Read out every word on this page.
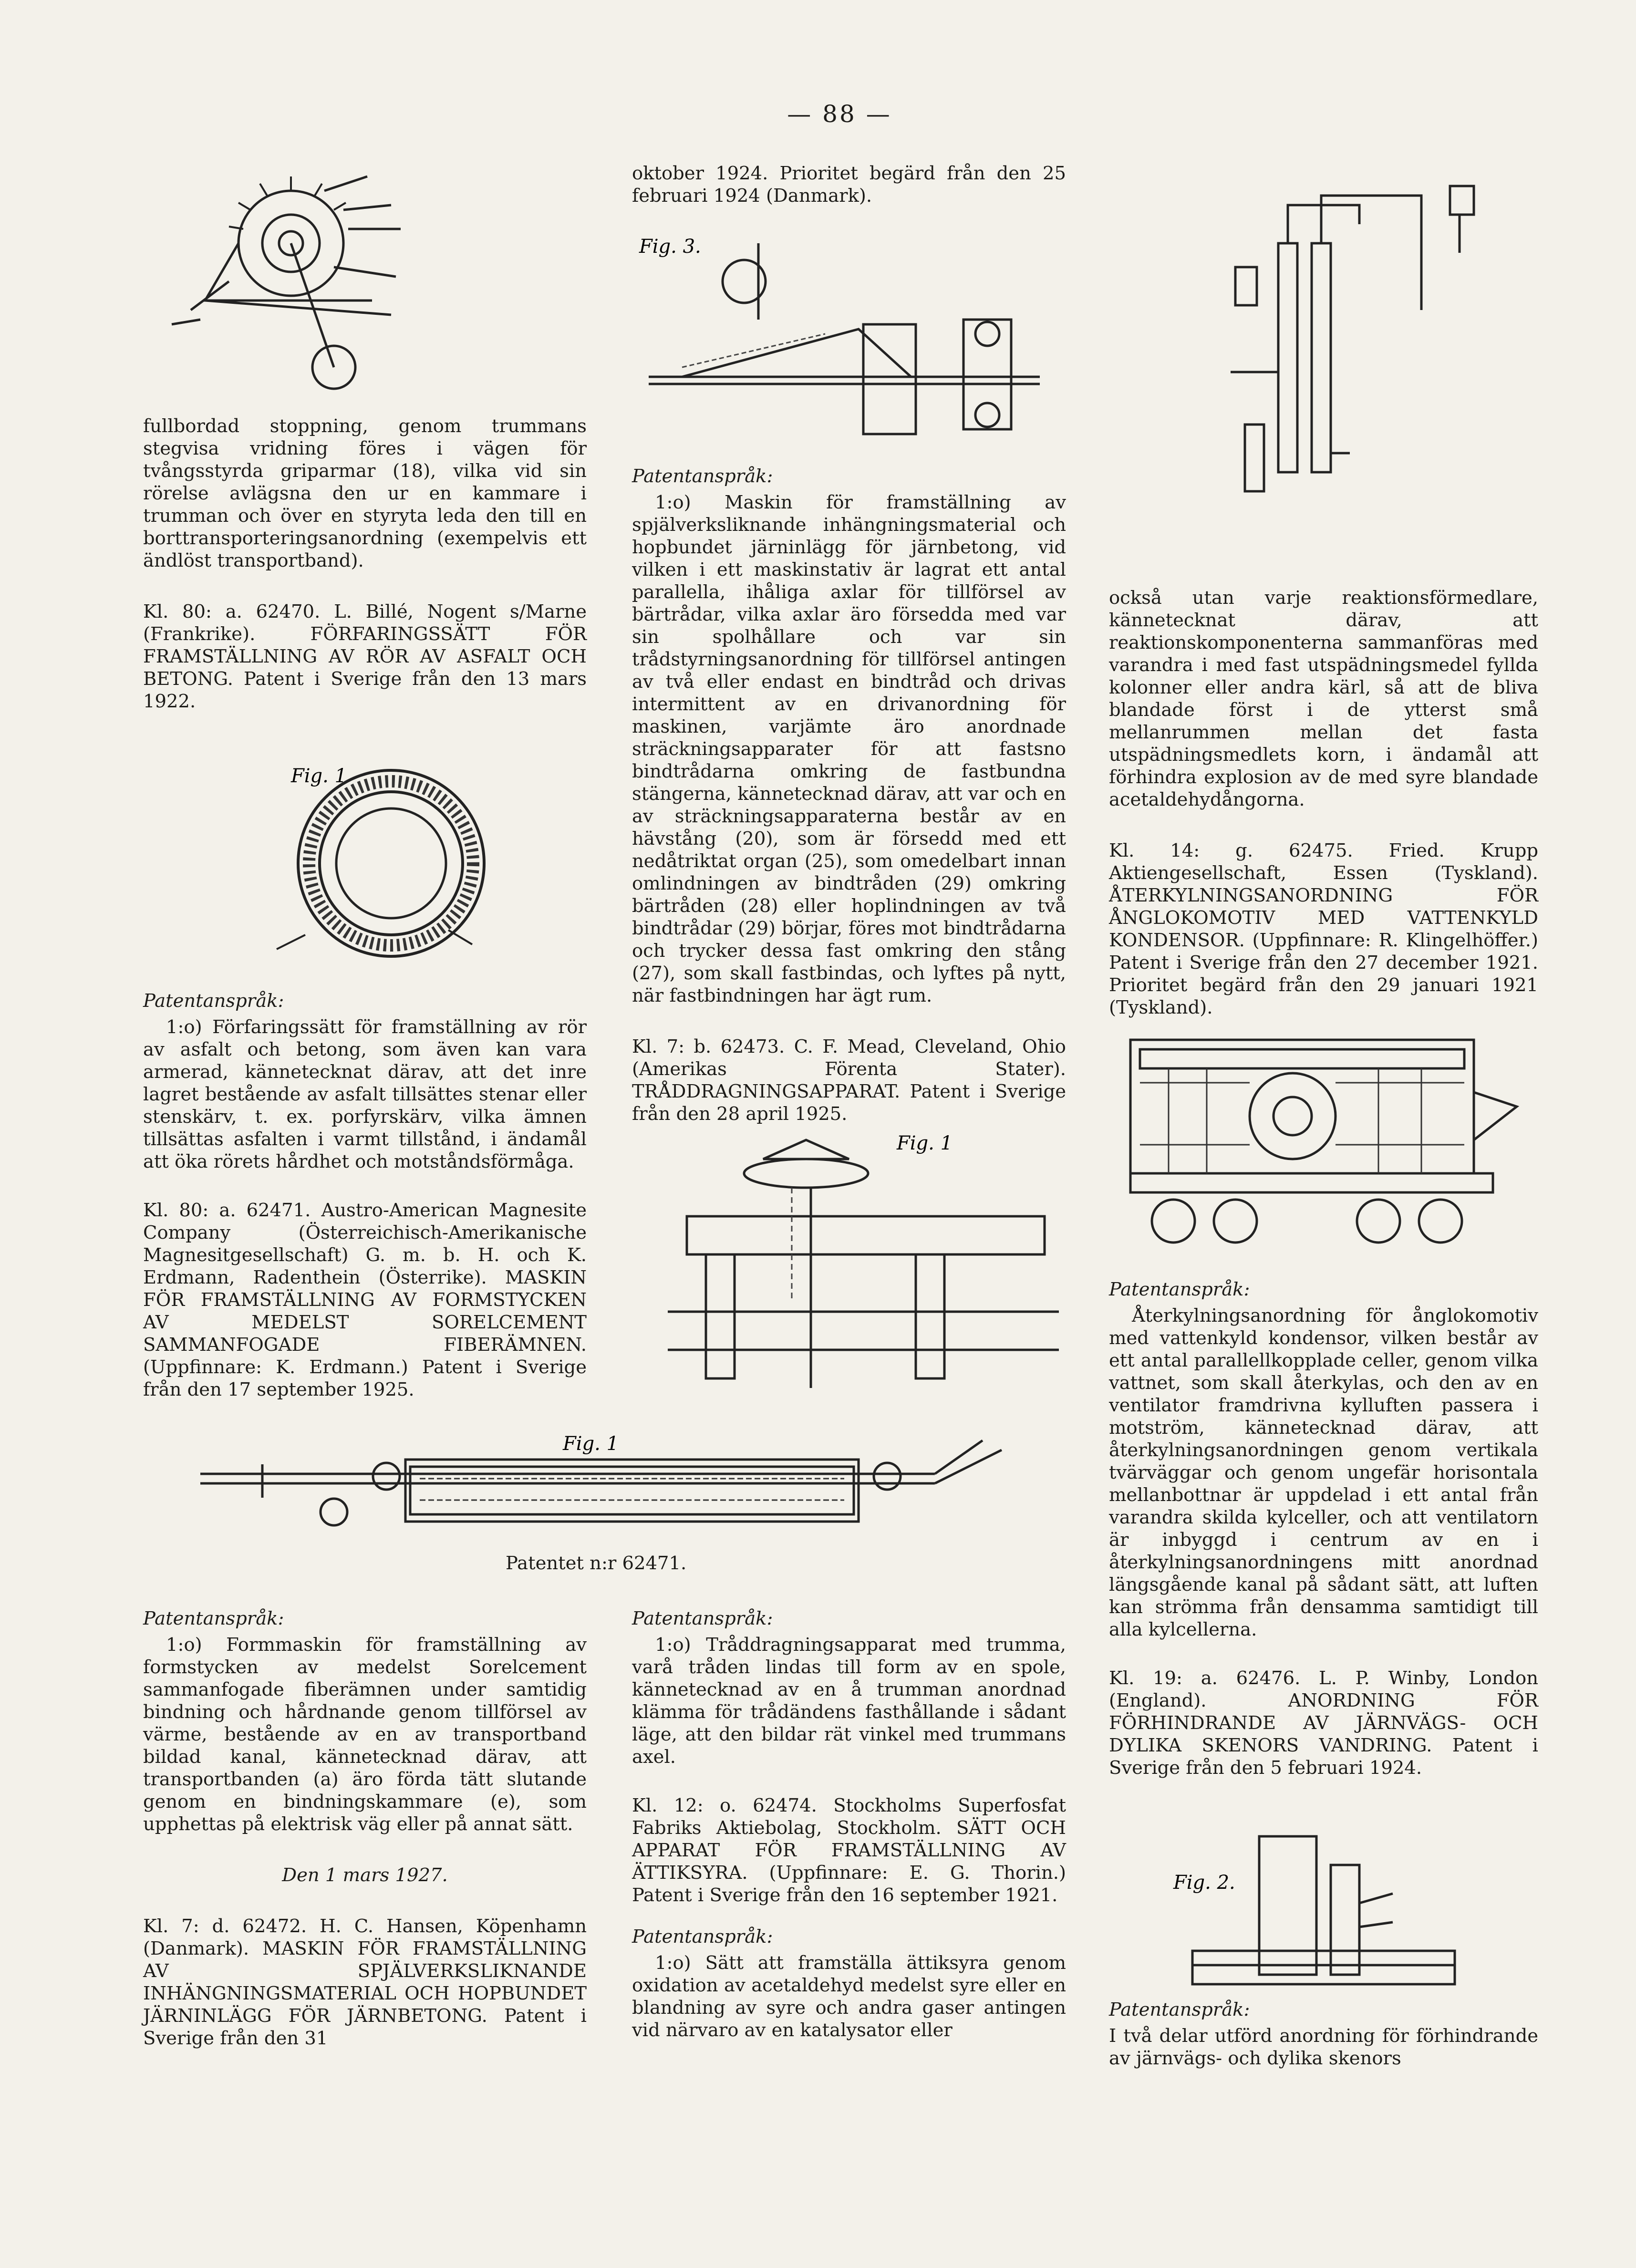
— 88 —

fullbordad stoppning, genom trummans stegvisa vridning föres i vägen för tvångsstyrda griparmar (18), vilka vid sin rörelse avlägsna den ur en kammare i trumman och över en styryta leda den till en borttransporteringsanordning (exempelvis ett ändlöst transportband).

Kl. 80: a. 62470. L. Billé, Nogent s/Marne (Frankrike). FÖRFARINGSSÄTT FÖR FRAMSTÄLLNING AV RÖR AV ASFALT OCH BETONG. Patent i Sverige från den 13 mars 1922.

Fig. 1

Patentanspråk:

1:o) Förfaringssätt för framställning av rör av asfalt och betong, som även kan vara armerad, kännetecknat därav, att det inre lagret bestående av asfalt tillsättes stenar eller stenskärv, t. ex. porfyrskärv, vilka ämnen tillsättas asfalten i varmt tillstånd, i ändamål att öka rörets hårdhet och motståndsförmåga.

Kl. 80: a. 62471. Austro-American Magnesite Company (Österreichisch-Amerikanische Magnesitgesellschaft) G. m. b. H. och K. Erdmann, Radenthein (Österrike). MASKIN FÖR FRAMSTÄLLNING AV FORMSTYCKEN AV MEDELST SORELCEMENT SAMMANFOGADE FIBERÄMNEN. (Uppfinnare: K. Erdmann.) Patent i Sverige från den 17 september 1925.

Fig. 1
Patentet n:r 62471.

Patentanspråk:

1:o) Formmaskin för framställning av formstycken av medelst Sorelcement sammanfogade fiberämnen under samtidig bindning och hårdnande genom tillförsel av värme, bestående av en av transportband bildad kanal, kännetecknad därav, att transportbanden (a) äro förda tätt slutande genom en bindningskammare (e), som upphettas på elektrisk väg eller på annat sätt.

Den 1 mars 1927.

Kl. 7: d. 62472. H. C. Hansen, Köpenhamn (Danmark). MASKIN FÖR FRAMSTÄLLNING AV SPJÄLVERKSLIKNANDE INHÄNGNINGSMATERIAL OCH HOPBUNDET JÄRNINLÄGG FÖR JÄRNBETONG. Patent i Sverige från den 31

oktober 1924. Prioritet begärd från den 25 februari 1924 (Danmark).

Fig. 3.

Patentanspråk:

1:o) Maskin för framställning av spjälverksliknande inhängningsmaterial och hopbundet järninlägg för järnbetong, vid vilken i ett maskinstativ är lagrat ett antal parallella, ihåliga axlar för tillförsel av bärtrådar, vilka axlar äro försedda med var sin spolhållare och var sin trådstyrningsanordning för tillförsel antingen av två eller endast en bindtråd och drivas intermittent av en drivanordning för maskinen, varjämte äro anordnade sträckningsapparater för att fastsno bindtrådarna omkring de fastbundna stängerna, kännetecknad därav, att var och en av sträckningsapparaterna består av en hävstång (20), som är försedd med ett nedåtriktat organ (25), som omedelbart innan omlindningen av bindtråden (29) omkring bärtråden (28) eller hoplindningen av två bindtrådar (29) börjar, föres mot bindtrådarna och trycker dessa fast omkring den stång (27), som skall fastbindas, och lyftes på nytt, när fastbindningen har ägt rum.

Kl. 7: b. 62473. C. F. Mead, Cleveland, Ohio (Amerikas Förenta Stater). TRÅDDRAGNINGSAPPARAT. Patent i Sverige från den 28 april 1925.

Fig. 1

Patentanspråk:

1:o) Tråddragningsapparat med trumma, varå tråden lindas till form av en spole, kännetecknad av en å trumman anordnad klämma för trådändens fasthållande i sådant läge, att den bildar rät vinkel med trummans axel.

Kl. 12: o. 62474. Stockholms Superfosfat Fabriks Aktiebolag, Stockholm. SÄTT OCH APPARAT FÖR FRAMSTÄLLNING AV ÄTTIKSYRA. (Uppfinnare: E. G. Thorin.) Patent i Sverige från den 16 september 1921.

Patentanspråk:

1:o) Sätt att framställa ättiksyra genom oxidation av acetaldehyd medelst syre eller en blandning av syre och andra gaser antingen vid närvaro av en katalysator eller

också utan varje reaktionsförmedlare, kännetecknat därav, att reaktionskomponenterna sammanföras med varandra i med fast utspädningsmedel fyllda kolonner eller andra kärl, så att de bliva blandade först i de ytterst små mellanrummen mellan det fasta utspädningsmedlets korn, i ändamål att förhindra explosion av de med syre blandade acetaldehydångorna.

Kl. 14: g. 62475. Fried. Krupp Aktiengesellschaft, Essen (Tyskland). ÅTERKYLNINGSANORDNING FÖR ÅNGLOKOMOTIV MED VATTENKYLD KONDENSOR. (Uppfinnare: R. Klingelhöffer.) Patent i Sverige från den 27 december 1921. Prioritet begärd från den 29 januari 1921 (Tyskland).

Patentanspråk:

Återkylningsanordning för ånglokomotiv med vattenkyld kondensor, vilken består av ett antal parallellkopplade celler, genom vilka vattnet, som skall återkylas, och den av en ventilator framdrivna kylluften passera i motström, kännetecknad därav, att återkylningsanordningen genom vertikala tvärväggar och genom ungefär horisontala mellanbottnar är uppdelad i ett antal från varandra skilda kylceller, och att ventilatorn är inbyggd i centrum av en i återkylningsanordningens mitt anordnad längsgående kanal på sådant sätt, att luften kan strömma från densamma samtidigt till alla kylcellerna.

Kl. 19: a. 62476. L. P. Winby, London (England). ANORDNING FÖR FÖRHINDRANDE AV JÄRNVÄGS- OCH DYLIKA SKENORS VANDRING. Patent i Sverige från den 5 februari 1924.

Fig. 2.

Patentanspråk:

I två delar utförd anordning för förhindrande av järnvägs- och dylika skenors
